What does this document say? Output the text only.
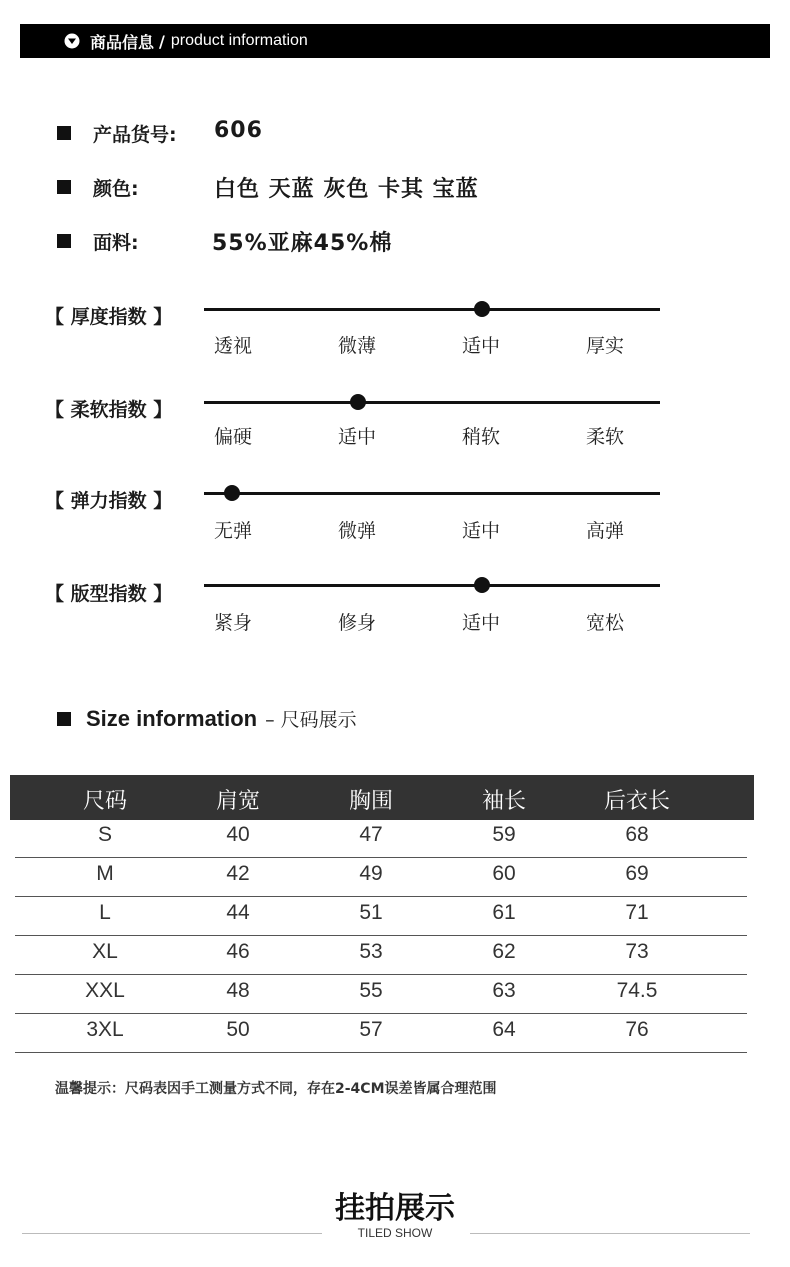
商品信息 / product information
产品货号: 606
颜色:	白色 天蓝 灰色 卡其 宝蓝
面料:	55%亚麻45%棉
【 厚度指数 】
透视	微薄	适中	厚实
【 柔软指数 】
偏硬	适中	稍软	柔软
【 弹力指数 】
无弹	微弹	适中	高弹
【 版型指数 】
紧身	修身	适中	宽松
Size information – 尺码展示
尺码	肩宽	胸围	袖长	后衣长
S	40	47	59	68
M	42	49	60	69
L	44	51	61	71
XL	46	53	62	73
XXL	48	55	63	74.5
3XL	50	57	64	76
温馨提示：尺码表因手工测量方式不同，存在2-4CM误差皆属合理范围
挂拍展示
TILED SHOW
